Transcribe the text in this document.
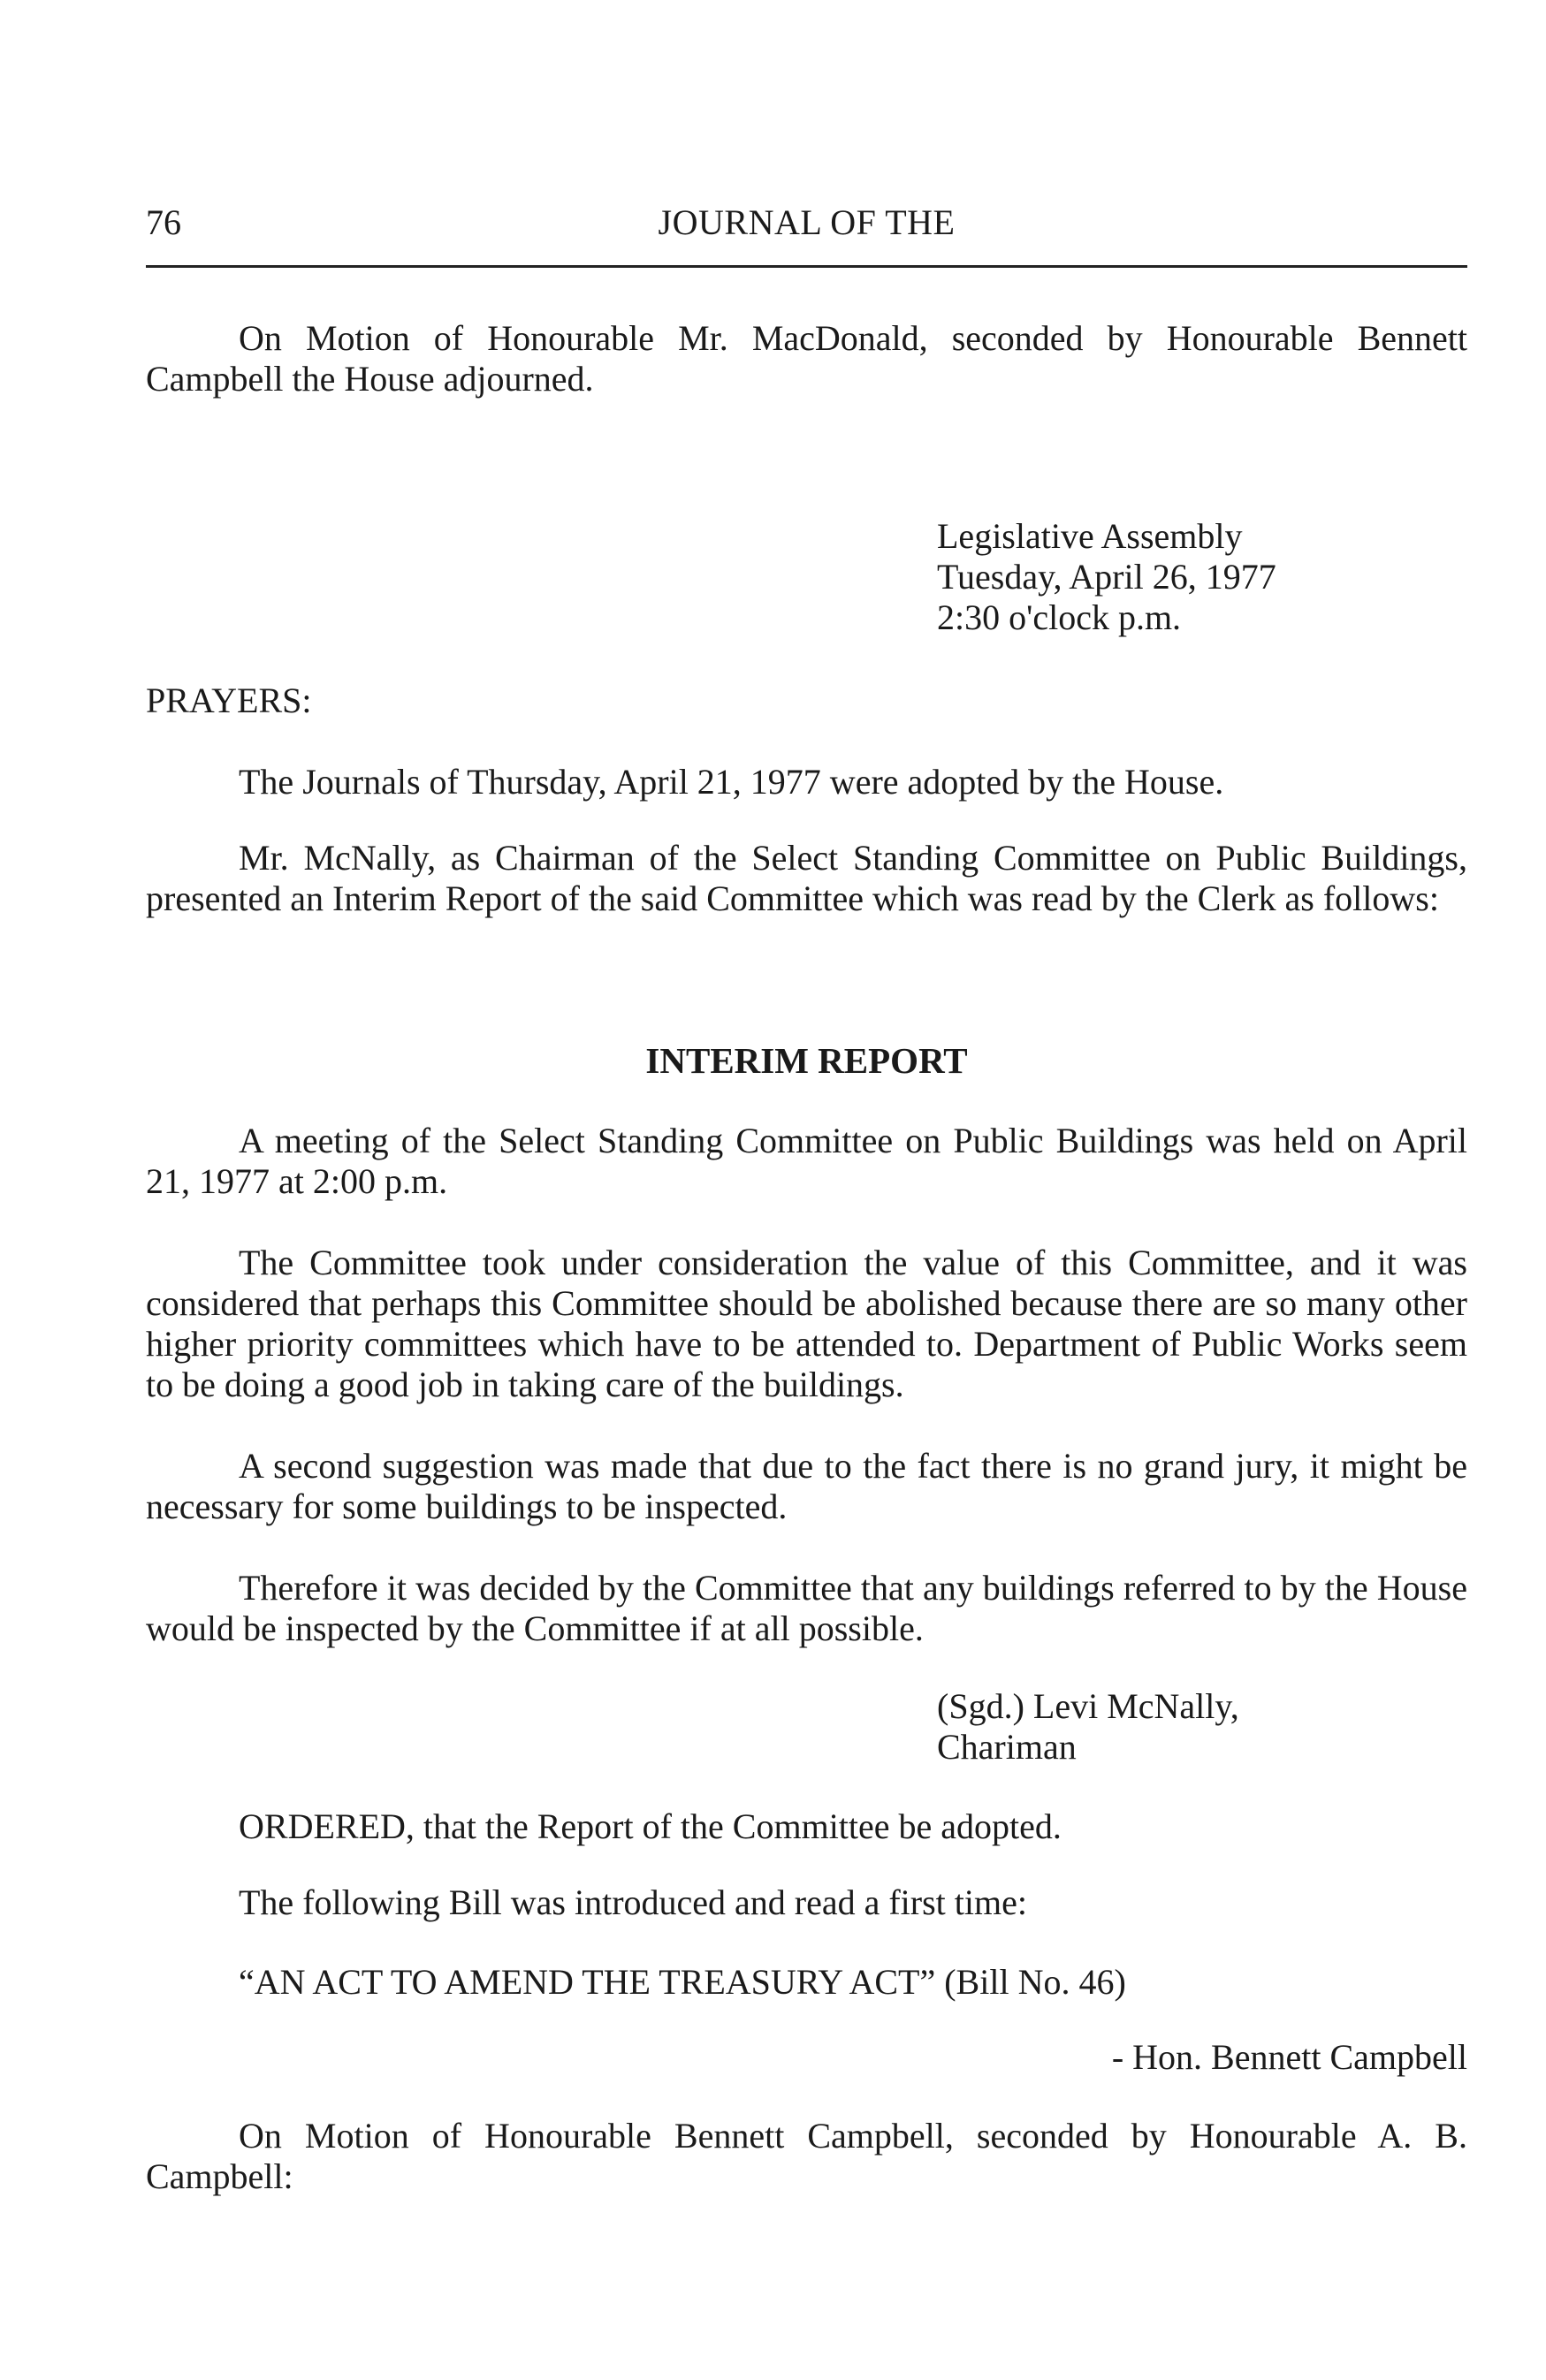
76	JOURNAL OF THE
On Motion of Honourable Mr. MacDonald, seconded by Honourable Bennett Campbell the House adjourned.
Legislative Assembly
Tuesday, April 26, 1977
2:30 o'clock p.m.
PRAYERS:
The Journals of Thursday, April 21, 1977 were adopted by the House.
Mr. McNally, as Chairman of the Select Standing Committee on Public Buildings, presented an Interim Report of the said Committee which was read by the Clerk as follows:
INTERIM REPORT
A meeting of the Select Standing Committee on Public Buildings was held on April 21, 1977 at 2:00 p.m.
The Committee took under consideration the value of this Committee, and it was considered that perhaps this Committee should be abolished because there are so many other higher priority committees which have to be attended to. Department of Public Works seem to be doing a good job in taking care of the buildings.
A second suggestion was made that due to the fact there is no grand jury, it might be necessary for some buildings to be inspected.
Therefore it was decided by the Committee that any buildings referred to by the House would be inspected by the Committee if at all possible.
(Sgd.) Levi McNally,
Chariman
ORDERED, that the Report of the Committee be adopted.
The following Bill was introduced and read a first time:
“AN ACT TO AMEND THE TREASURY ACT” (Bill No. 46)
- Hon. Bennett Campbell
On Motion of Honourable Bennett Campbell, seconded by Honourable A. B. Campbell:
